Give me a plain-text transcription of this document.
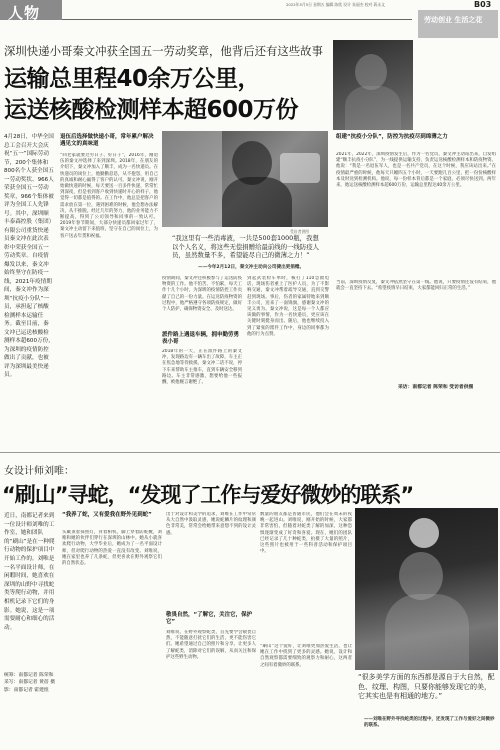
人物	2022年5月5日 星期五 编辑 陈欣 设计 朱丽杰 校对 蒋永文	B03
劳动创业 生活之花
深圳快递小哥秦文冲获全国五一劳动奖章，他背后还有这些故事
运输总里程40余万公里，
运送核酸检测样本超600万份
4月28日，中华全国总工会召开大会庆祝“五一”国际劳动节，200个集体和800名个人获全国五一劳动奖状、966人荣获全国五一劳动奖章，966个集体被评为全国工人先锋号。其中，深圳顺丰泰森控股（集团）有限公司重货快递员秦文冲在此次表彰中荣获全国五一劳动奖章。自疫情爆发以来，秦文冲始终坚守在防疫一线，2021年疫情期间，秦文冲作为深圳“抗疫小分队”一员，承担起了核酸检测样本运输任务。截至目前，秦文冲已运送核酸检测样本超600万份，为深圳的疫情防控做出了贡献，也被评为深圳最美快递员。
退伍后选择做快递小哥，常年累户解决遇见文的真味道
“回老家就要过穷日子、好日子”，2016年，刚退伍的秦文冲选择了来到深圳。2018年，在朋友的介绍下，秦文冲加入了顺丰，成为一名快递员。在快递员的岗位上，他勤勤恳恳，从不抱怨，用自己的真诚和耐心赢得了客户的认可。秦文冲说，刚开始做快递的时候，每天要送一百多件快递，常常忙到深夜，但是看到客户收到快递时开心的样子，他觉得一切都是值得的。在工作中，他总是把客户的需求放在第一位，遇到困难的时候，他会想办法解决，从不推脱。经过几年的努力，他的业务能力不断提高，得到了公司领导和同事的一致认可。2019年春节期间，大部分快递员都回家过年了，秦文冲主动留下来值班，坚守在自己的岗位上，为客户送去年货和祝福。
受访者供图
“我这里有一些消毒液，一共是500套1000瓶，我想以个人名义，将这些无偿捐赠给最前线的一线防疫人员，虽然数量不多，希望能尽自己的微薄之力！”
——今年2月12日，秦文冲主动向公司捷出更捐赠。
疫情期间，秦文冲还积极参与了运送防疫物资的工作。他不怕苦、不怕累，每天工作十几个小时，为深圳的疫情防控工作贡献了自己的一份力量。在运送防疫物资的过程中，他严格遵守各项防疫规定，做好个人防护，确保物资安全、及时送达。
派件路上遇退车辆，拥申勤劳勇表小哥
2018年的一天，正在派件路上的秦文冲，发现路边有一辆车出了故障，车主正在焦急地等待救援。秦文冲二话不说，停下车来帮助车主推车，直到车辆安全移到路边。车主非常感激，想要给他一些报酬，被他婉言谢绝了。
到起武装检车单时，核打了110急救电话，现场伤者重上了医护人员，为了不影响交通，秦文冲帮着疏导交通，直到交警赶到现场。事后，伤者的家属特地来到顺丰公司，送来了一面锦旗，感谢秦文冲的见义勇为。秦文冲说，这是每一个人都应该做的事情，作为一名快递员，更应该在关键时刻挺身而出。随后，他也继续投入到了紧张的派件工作中，身边的同事都为他的行为点赞。
组建“抗疫小分队”，防控为抗疫尽到绵薄之力
2021年，2022年，深圳疫情发生后，作为一名党员，秦文冲主动站出来，自发组建“顺丰抗疫小分队”，为一线提供运输支持，负责运送核酸检测样本和防疫物资。他说：“我是一名退伍军人，也是一名共产党员，在这个时候，我应该站出来。”在疫情最严重的时候，他每天只睡四五个小时，一天要跑几百公里，把一份份核酸样本及时送到检测机构。他说，每一份样本背后都是一个家庭，必须尽快送到。两年来，他运送核酸检测样本超600万份，运输总里程达40余万公里。
当前，深圳疫情反复，秦文冲依然坚守在第一线。他说，只要疫情还没有结束，他就会一直坚持下去。“希望疫情早日结束，大家都能回归正常的生活。”
采访：南都记者 陈荣和 受访者供图
女设计师刘唯：
“刷山”寻蛇，“发现了工作与爱好微妙的联系”
近日，南都记者来到一位设计师刘唯的工作室，她和团队的“刷山”是在一种爬行动物的保护项目中开始工作的。刘唯是一名平面设计师，在闲暇时间，她喜欢在深圳的山野中寻找蛇类等爬行动物，并用相机记录下它们的身影。她说，这是一项需要耐心和细心的活动。
统筹：南都记者 陈荣和 采写：南都记者 黄蓓 摄影：南都记者 霍建煌
“我养了蛇，又有爱我在野外见到蛇”
头戴顶着探照灯，背着相机，脚上穿着防蛇靴，刘唯和她的伙伴们穿行在深圳的山林中。她从小就喜欢爬行动物，大学毕业后，她成为了一名平面设计师，但对爬行动物的热爱一直没有改变。刘唯说，她在家里也养了几条蛇，但更喜欢在野外观察它们的自然状态。
出于对设计和美学的追求，刘唯在工作中常常从大自然中汲取灵感，她说蛇鳞片的纹理和颜色非常美，常常会给她带来意想不到的设计灵感。
敬畏自然，“了解它，关注它，保护它”
刘唯说，在野外观察蛇类，首先要学会敬畏自然，不能随意打扰它们的生活，更不能伤害它们。她希望通过自己的照片和分享，让更多人了解蛇类，消除对它们的误解，从而关注和保护这些野生动物。
数量的朋友都是普通市民，他们会在周末的夜晚一起进山。刘唯说，刚开始的时候，大家都非常害怕，但随着对蛇类了解的加深，这种恐惧逐渐变成了好奇和喜爱。现在，她们的团队已经记录了几十种蛇类，拍摄了大量的照片，这些照片也被用于一些科普活动和保护项目中。
“刷山”这个爱好，让刘唯更加热爱生活，也让她在工作中找到了更多的灵感。她说，设计和自然观察都需要细致的观察力和耐心，这两者之间有着微妙的联系。
“很多美学方面的东西都是源自于大自然，配色、纹理、构图，只要你能够发现它的美，它其实也是有相通的地方。”
——刘唯在野外寻找蛇类的过程中，还发现了工作与爱好之间微妙的联系。
